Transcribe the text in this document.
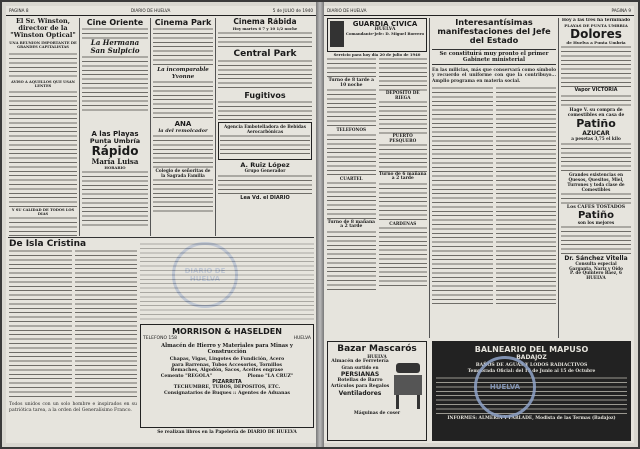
PAGINA 8	DIARIO DE HUELVA	5 de JULIO de 1940
El Sr. Winston, director de la "Winston Optical"
UNA REUNION IMPORTANTE DE GRANDES CAPITALISTAS
AVISO A AQUELLOS QUE USAN LENTES
Y SU CALIDAD DE TODOS LOS DIAS
Cine Oriente
La Hermana
San Sulpicio
A las Playas
Punta Umbría
Rápido
María Luisa
HORARIO
Cinema Park
La incomparable Yvonne
ANA
la del remolcador
Colegio de señoritas de la Sagrada Familia
Cinema Rábida
Hoy martes 6 7 y 10 1/2 noche
Central Park
Fugitivos
Agencia Embotelladora de Bebidas Aerocarbónicas
A. Ruiz López
Grupo Generador
Lea Vd. el DIARIO
De Isla Cristina
Todos unidos con un solo hombre e inspirados en su patriótica tarea, a la orden del Generalísimo Franco.
MORRISON & HASELDEN
TELEFONO 158	HUELVA
Almacén de Hierro y Materiales para Minas y Construcción
Chapas, Vigas, Lingotes de Fundición, Acero
para Barrenas, Tubos Accesorios, Tornillos
Remaches, Algodón, Sacos, Aceites engrase
Cemento "REGOLA"	Plomo "LA CRUZ"
PIZARRITA
TECHUMBRE, TUBOS, DEPOSITOS, ETC.
Consignatarios de Buques :: Agentes de Aduanas
Se realizan libros en la Papelería de DIARIO DE HUELVA
DIARIO DE HUELVA	PAGINA 9
GUARDIA CIVICA
HUELVA
Comandante-Jefe: D. Miguel Borrero
Servicio para hoy día 20 de julio de 1940
Turno de 8 tarde a 10 noche
TELEFONOS
CUARTEL
Turno de 8 mañana a 2 tarde
DEPOSITO DE RIEGA
PUERTO PESQUERO
Turno de 6 mañana a 2 tarde
CARDENAS
Interesantísimas manifestaciones del Jefe del Estado
Se constituirá muy pronto el primer Gabinete ministerial
En las milicias, más que conservará como símbolo y recuerdo el uniforme con que la contribuyo... Amplio programa en materia social.
Hoy a las tres ha terminado
PLAYAS DE PUNTA UMBRIA
Dolores
de Huelva a Punta Umbria
Vapor VICTORIA
Hage V. su compra de comestibles en casa de
Patiño
AZUCAR
a pesetas 3,75 el kilo
Grandes existencias en Quesos, Quesitos, Miel, Turrones y toda clase de Comestibles
Los CAFES TOSTADOS
Patiño
son los mejores
Dr. Sánchez Vitella
Consulta especial
Garganta, Nariz y Oído
P. de Quintero Báez, 6
HUELVA
Bazar Mascarós
HUELVA
Almacén de Ferretería
Gran surtido en
PERSIANAS
Botellas de Barro
Artículos para Regalos
Ventiladores
Máquinas de coser
BALNEARIO DEL MAPUSO
BADAJOZ
BAÑOS DE AGUAS Y LODOS RADIACTIVOS
Temporada Oficial: del 15 de Junio al 15 de Octubre
INFORMES: ALMERIA Y PARLADE, Modista de las Termas (Badajoz)
HUELVA
